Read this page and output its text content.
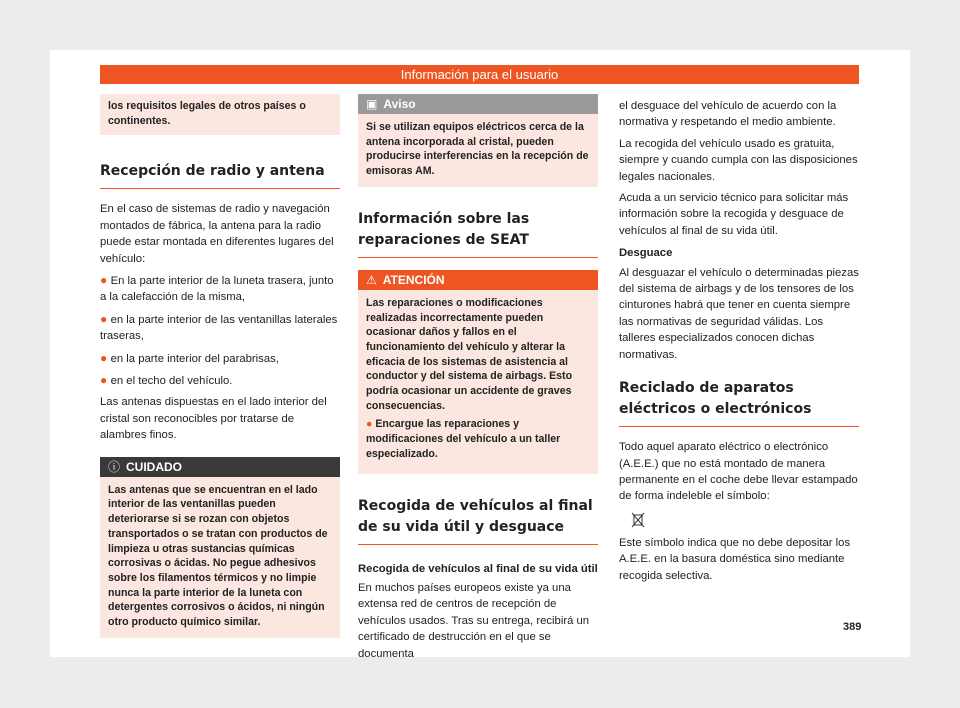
Información para el usuario
los requisitos legales de otros países o continentes.
Recepción de radio y antena

En el caso de sistemas de radio y navegación montados de fábrica, la antena para la radio puede estar montada en diferentes lugares del vehículo:

● En la parte interior de la luneta trasera, junto a la calefacción de la misma,
● en la parte interior de las ventanillas laterales traseras,
● en la parte interior del parabrisas,
● en el techo del vehículo.

Las antenas dispuestas en el lado interior del cristal son reconocibles por tratarse de alambres finos.

ⓘ CUIDADO
Las antenas que se encuentran en el lado interior de las ventanillas pueden deteriorarse si se rozan con objetos transportados o se tratan con productos de limpieza u otras sustancias químicas corrosivas o ácidas. No pegue adhesivos sobre los filamentos térmicos y no limpie nunca la parte interior de la luneta con detergentes corrosivos o ácidos, ni ningún otro producto químico similar.
▣ Aviso
Si se utilizan equipos eléctricos cerca de la antena incorporada al cristal, pueden producirse interferencias en la recepción de emisoras AM.
Información sobre las reparaciones de SEAT
⚠ ATENCIÓN

Las reparaciones o modificaciones realizadas incorrectamente pueden ocasionar daños y fallos en el funcionamiento del vehículo y alterar la eficacia de los sistemas de asistencia al conductor y del sistema de airbags. Esto podría ocasionar un accidente de graves consecuencias.

● Encargue las reparaciones y modificaciones del vehículo a un taller especializado.

Recogida de vehículos al final de su vida útil y desguace
Recogida de vehículos al final de su vida útil

En muchos países europeos existe ya una extensa red de centros de recepción de vehículos usados. Tras su entrega, recibirá un certificado de destrucción en el que se documenta

el desguace del vehículo de acuerdo con la normativa y respetando el medio ambiente.

La recogida del vehículo usado es gratuita, siempre y cuando cumpla con las disposiciones legales nacionales.

Acuda a un servicio técnico para solicitar más información sobre la recogida y desguace de vehículos al final de su vida útil.

Desguace

Al desguazar el vehículo o determinadas piezas del sistema de airbags y de los tensores de los cinturones habrá que tener en cuenta siempre las normativas de seguridad válidas. Los talleres especializados conocen dichas normativas.

Reciclado de aparatos eléctricos o electrónicos

Todo aquel aparato eléctrico o electrónico (A.E.E.) que no está montado de manera permanente en el coche debe llevar estampado de forma indeleble el símbolo:

Este símbolo indica que no debe depositar los A.E.E. en la basura doméstica sino mediante recogida selectiva.

389
